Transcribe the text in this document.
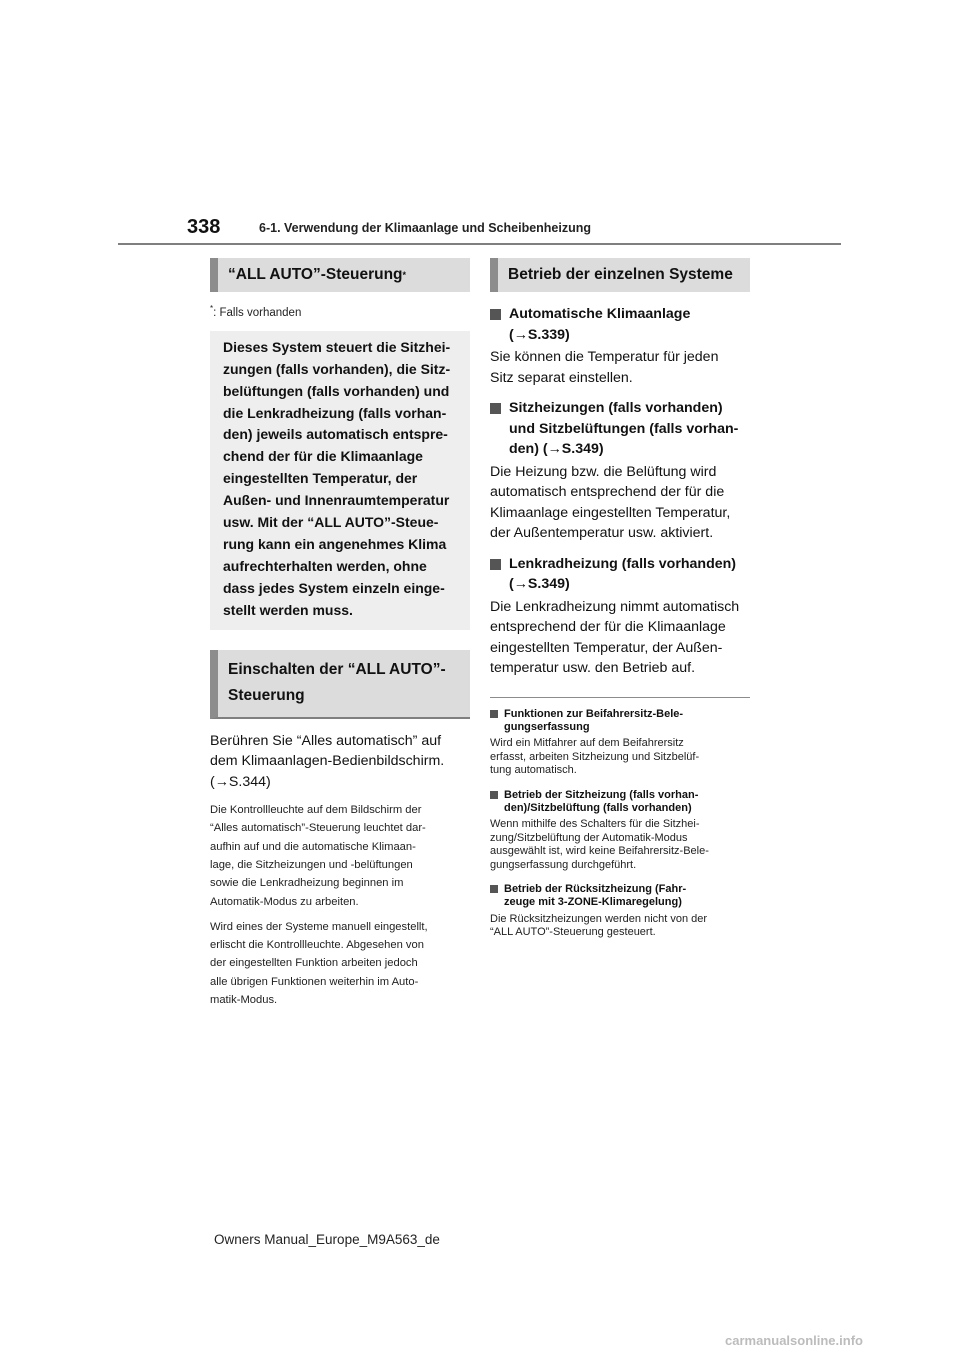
338	6-1. Verwendung der Klimaanlage und Scheibenheizung
“ALL AUTO”-Steuerung *
*: Falls vorhanden

Dieses System steuert die Sitzhei-

zungen (falls vorhanden), die Sitz-

belüftungen (falls vorhanden) und

die Lenkradheizung (falls vorhan-

den) jeweils automatisch entspre-

chend der für die Klimaanlage

eingestellten Temperatur, der

Außen- und Innenraumtemperatur

usw. Mit der “ALL AUTO”-Steue-

rung kann ein angenehmes Klima

aufrechterhalten werden, ohne

dass jedes System einzeln einge-

stellt werden muss.

Einschalten der “ALL AUTO”-
Steuerung

Berühren Sie “Alles automatisch” auf

dem Klimaanlagen-Bedienbildschirm.

(→S.344)

Die Kontrollleuchte auf dem Bildschirm der

“Alles automatisch”-Steuerung leuchtet dar-

aufhin auf und die automatische Klimaan-

lage, die Sitzheizungen und -belüftungen

sowie die Lenkradheizung beginnen im

Automatik-Modus zu arbeiten.

Wird eines der Systeme manuell eingestellt,

erlischt die Kontrollleuchte. Abgesehen von

der eingestellten Funktion arbeiten jedoch

alle übrigen Funktionen weiterhin im Auto-

matik-Modus.

Betrieb der einzelnen Systeme
Automatische Klimaanlage
(→S.339)

Sie können die Temperatur für jeden

Sitz separat einstellen.

Sitzheizungen (falls vorhanden)
und Sitzbelüftungen (falls vorhan-
den) (→S.349)

Die Heizung bzw. die Belüftung wird

automatisch entsprechend der für die

Klimaanlage eingestellten Temperatur,

der Außentemperatur usw. aktiviert.

Lenkradheizung (falls vorhanden)
(→S.349)

Die Lenkradheizung nimmt automatisch

entsprechend der für die Klimaanlage

eingestellten Temperatur, der Außen-

temperatur usw. den Betrieb auf.

Funktionen zur Beifahrersitz-Bele-
gungserfassung

Wird ein Mitfahrer auf dem Beifahrersitz

erfasst, arbeiten Sitzheizung und Sitzbelüf-

tung automatisch.

Betrieb der Sitzheizung (falls vorhan-
den)/Sitzbelüftung (falls vorhanden)

Wenn mithilfe des Schalters für die Sitzhei-

zung/Sitzbelüftung der Automatik-Modus

ausgewählt ist, wird keine Beifahrersitz-Bele-

gungserfassung durchgeführt.

Betrieb der Rücksitzheizung (Fahr-
zeuge mit 3-ZONE-Klimaregelung)

Die Rücksitzheizungen werden nicht von der

“ALL AUTO”-Steuerung gesteuert.

Owners Manual_Europe_M9A563_de
carmanualsonline.info
